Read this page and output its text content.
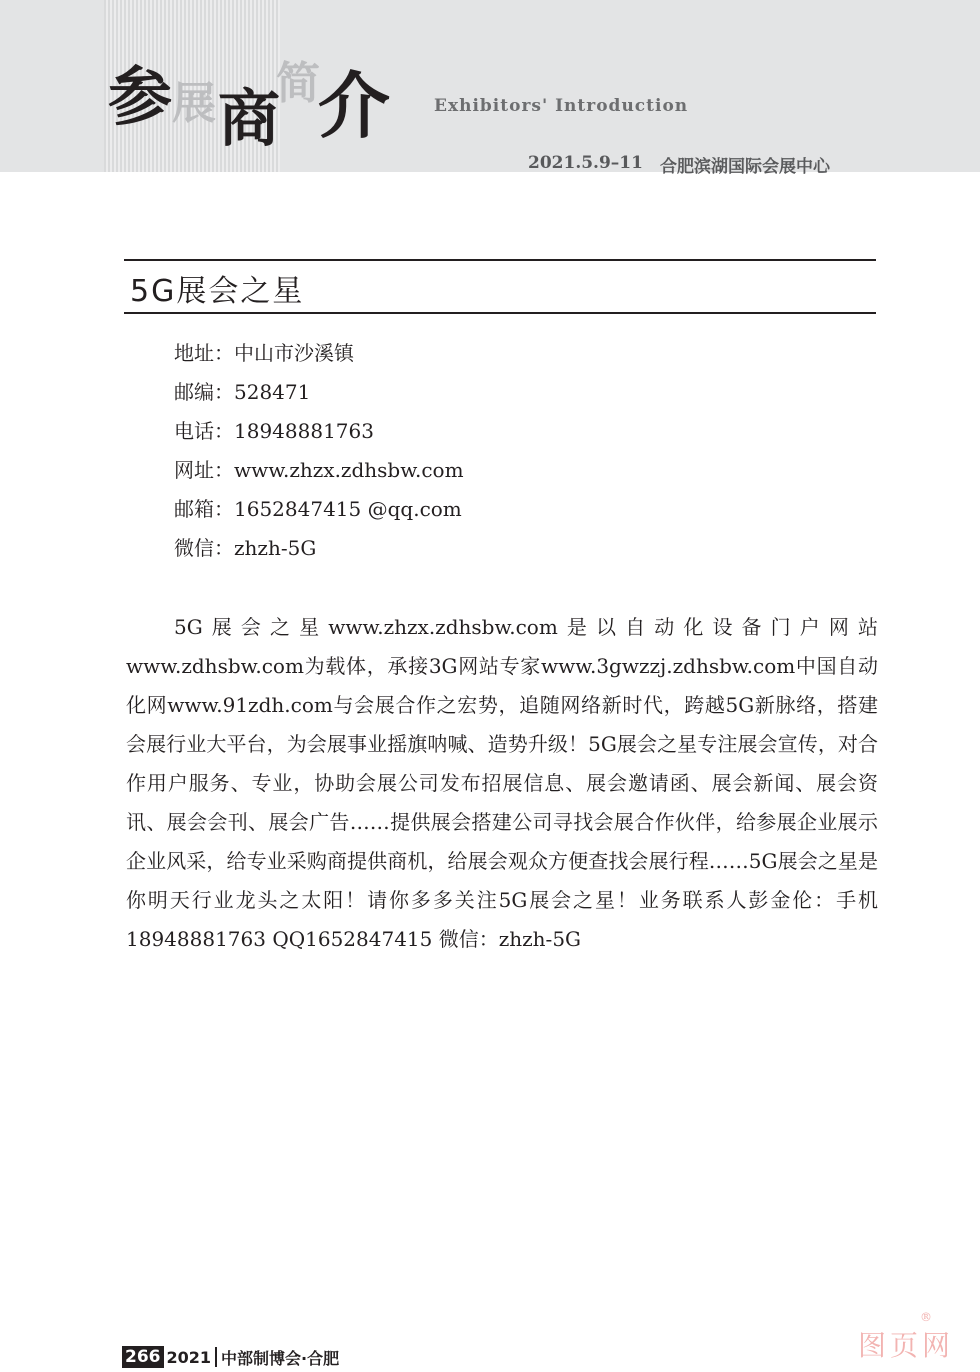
参 展 商
简
介	Exhibitors' Introduction
2021.5.9–11 合肥滨湖国际会展中心
5G展会之星
地址：中山市沙溪镇
邮编：528471
电话：18948881763
网址：www.zhzx.zdhsbw.com
邮箱：1652847415 @qq.com
微信：zhzh-5G

5G展会之星www.zhzx.zdhsbw.com是以自动化设备门户网站www.zdhsbw.com为载体，承接3G网站专家www.3gwzzj.zdhsbw.com中国自动化网www.91zdh.com与会展合作之宏势，追随网络新时代，跨越5G新脉络，搭建会展行业大平台，为会展事业摇旗呐喊、造势升级！5G展会之星专注展会宣传，对合作用户服务、专业，协助会展公司发布招展信息、展会邀请函、展会新闻、展会资讯、展会会刊、展会广告……提供展会搭建公司寻找会展合作伙伴，给参展企业展示企业风采，给专业采购商提供商机，给展会观众方便查找会展行程……5G展会之星是你明天行业龙头之太阳！请你多多关注5G展会之星！业务联系人彭金伦：手机18948881763 QQ1652847415 微信：zhzh-5G

266 2021 中部制博会·合肥	图页网
®
